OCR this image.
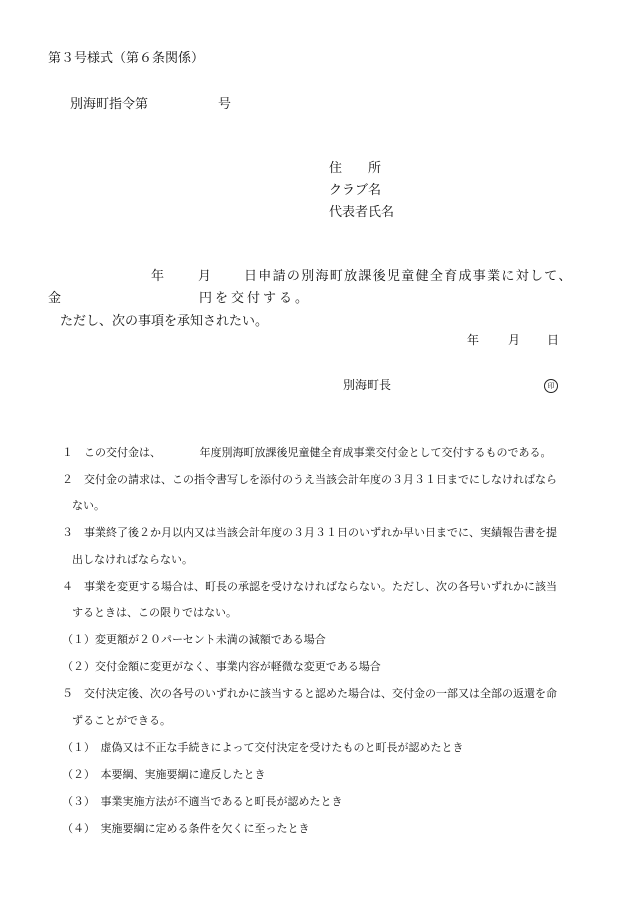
第３号様式（第６条関係）
別海町指令第	号
住　　所
クラブ名
代表者氏名
年	月	日申請の別海町放課後児童健全育成事業に対して、
金	円を交付する。
ただし、次の事項を承知されたい。
年 月 日
別海町長	印
１　この交付金は、　　　　年度別海町放課後児童健全育成事業交付金として交付するものである。
２　交付金の請求は、この指令書写しを添付のうえ当該会計年度の３月３１日までにしなければなら
ない。
３　事業終了後２か月以内又は当該会計年度の３月３１日のいずれか早い日までに、実績報告書を提
出しなければならない。
４　事業を変更する場合は、町長の承認を受けなければならない。ただし、次の各号いずれかに該当
するときは、この限りではない。
（１）変更額が２０パーセント未満の減額である場合
（２）交付金額に変更がなく、事業内容が軽微な変更である場合
５　交付決定後、次の各号のいずれかに該当すると認めた場合は、交付金の一部又は全部の返還を命
ずることができる。
（１）　虚偽又は不正な手続きによって交付決定を受けたものと町長が認めたとき
（２）　本要綱、実施要綱に違反したとき
（３）　事業実施方法が不適当であると町長が認めたとき
（４）　実施要綱に定める条件を欠くに至ったとき
